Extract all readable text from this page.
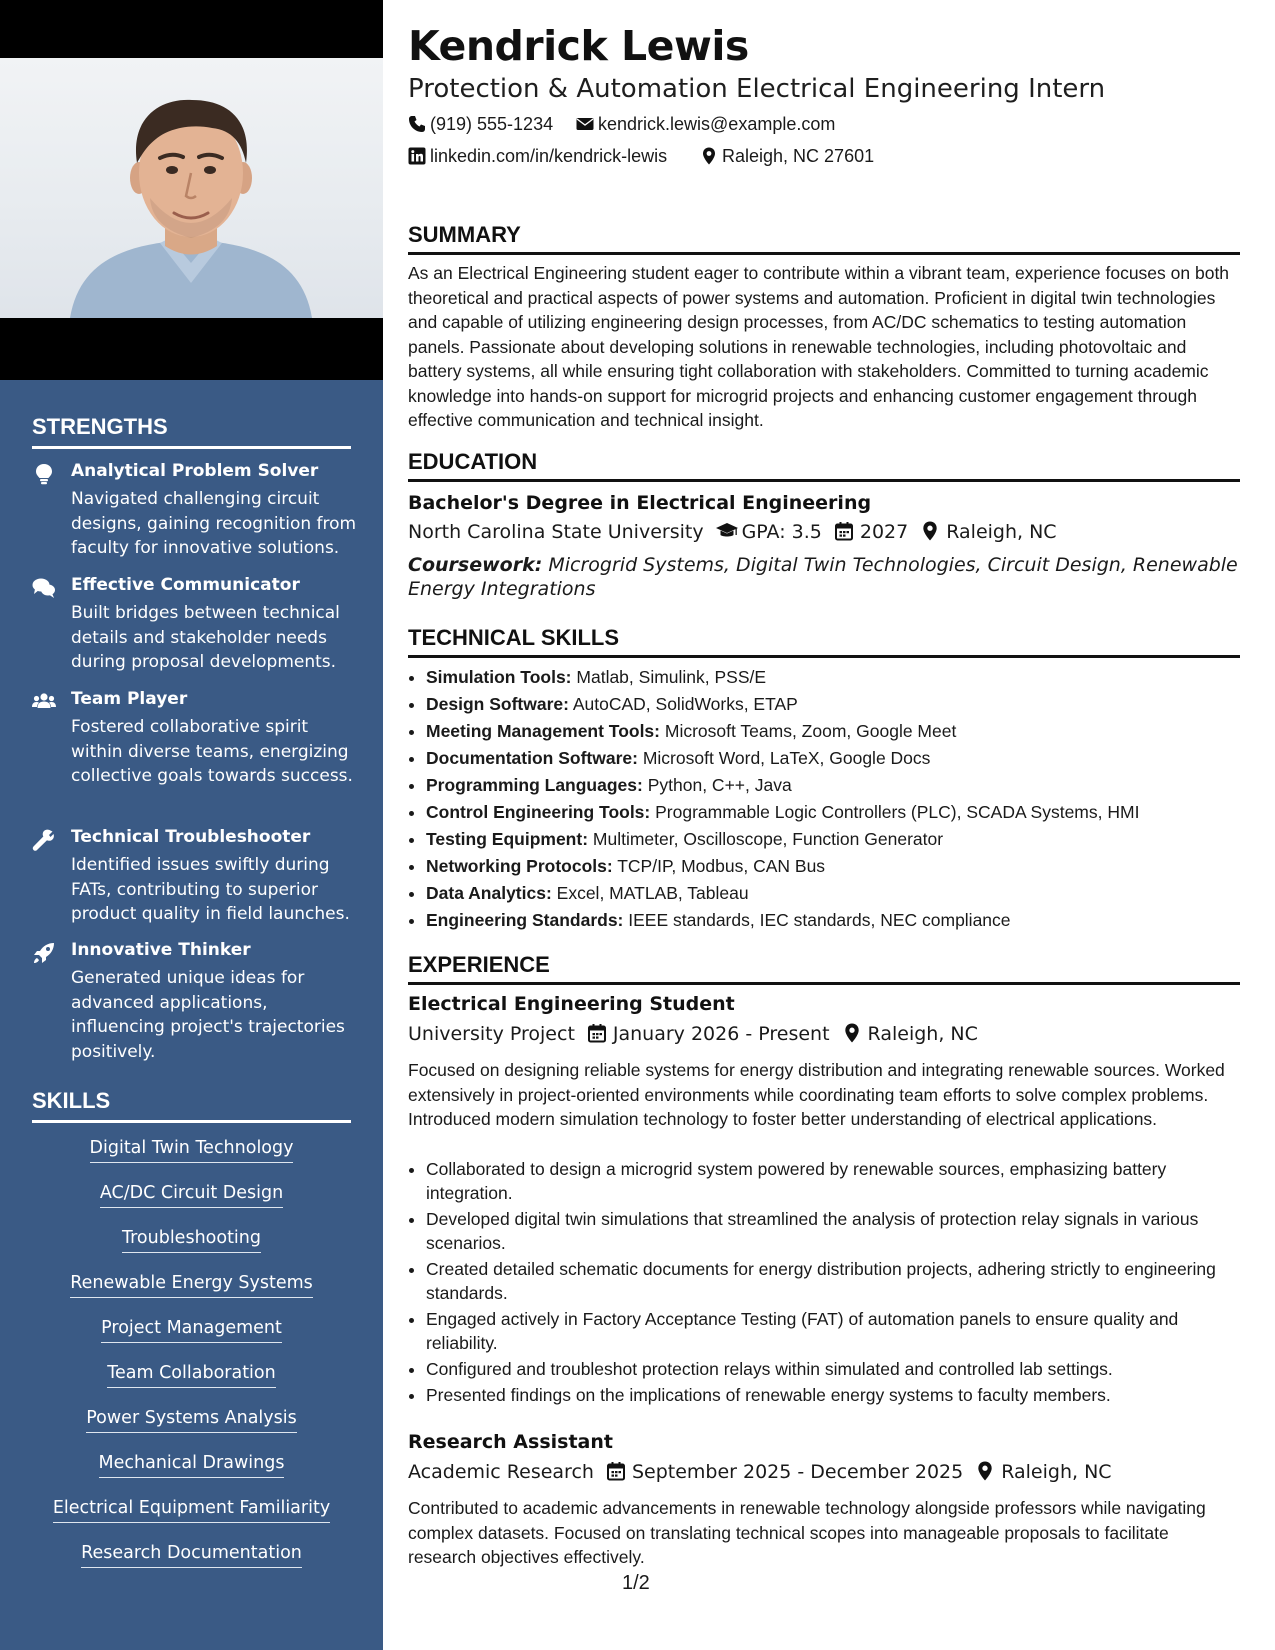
STRENGTHS
Analytical Problem Solver
Navigated challenging circuit designs, gaining recognition from faculty for innovative solutions.
Effective Communicator
Built bridges between technical details and stakeholder needs during proposal developments.
Team Player
Fostered collaborative spirit within diverse teams, energizing collective goals towards success.
Technical Troubleshooter
Identified issues swiftly during FATs, contributing to superior product quality in field launches.
Innovative Thinker
Generated unique ideas for advanced applications, influencing project's trajectories positively.
SKILLS
Digital Twin Technology
AC/DC Circuit Design
Troubleshooting
Renewable Energy Systems
Project Management
Team Collaboration
Power Systems Analysis
Mechanical Drawings
Electrical Equipment Familiarity
Research Documentation
Kendrick Lewis
Protection & Automation Electrical Engineering Intern
(919) 555-1234	kendrick.lewis@example.com
linkedin.com/in/kendrick-lewis	Raleigh, NC 27601
SUMMARY
As an Electrical Engineering student eager to contribute within a vibrant team, experience focuses on both theoretical and practical aspects of power systems and automation. Proficient in digital twin technologies and capable of utilizing engineering design processes, from AC/DC schematics to testing automation panels. Passionate about developing solutions in renewable technologies, including photovoltaic and battery systems, all while ensuring tight collaboration with stakeholders. Committed to turning academic knowledge into hands-on support for microgrid projects and enhancing customer engagement through effective communication and technical insight.
EDUCATION
Bachelor's Degree in Electrical Engineering
North Carolina State University GPA: 3.5 2027 Raleigh, NC
Coursework: Microgrid Systems, Digital Twin Technologies, Circuit Design, Renewable Energy Integrations
TECHNICAL SKILLS
• Simulation Tools: Matlab, Simulink, PSS/E
• Design Software: AutoCAD, SolidWorks, ETAP
• Meeting Management Tools: Microsoft Teams, Zoom, Google Meet
• Documentation Software: Microsoft Word, LaTeX, Google Docs
• Programming Languages: Python, C++, Java
• Control Engineering Tools: Programmable Logic Controllers (PLC), SCADA Systems, HMI
• Testing Equipment: Multimeter, Oscilloscope, Function Generator
• Networking Protocols: TCP/IP, Modbus, CAN Bus
• Data Analytics: Excel, MATLAB, Tableau
• Engineering Standards: IEEE standards, IEC standards, NEC compliance
EXPERIENCE
Electrical Engineering Student
University Project January 2026 - Present Raleigh, NC
Focused on designing reliable systems for energy distribution and integrating renewable sources. Worked extensively in project-oriented environments while coordinating team efforts to solve complex problems. Introduced modern simulation technology to foster better understanding of electrical applications.
• Collaborated to design a microgrid system powered by renewable sources, emphasizing battery integration.
• Developed digital twin simulations that streamlined the analysis of protection relay signals in various scenarios.
• Created detailed schematic documents for energy distribution projects, adhering strictly to engineering standards.
• Engaged actively in Factory Acceptance Testing (FAT) of automation panels to ensure quality and reliability.
• Configured and troubleshot protection relays within simulated and controlled lab settings.
• Presented findings on the implications of renewable energy systems to faculty members.
Research Assistant
Academic Research September 2025 - December 2025 Raleigh, NC
Contributed to academic advancements in renewable technology alongside professors while navigating complex datasets. Focused on translating technical scopes into manageable proposals to facilitate research objectives effectively.
1/2
